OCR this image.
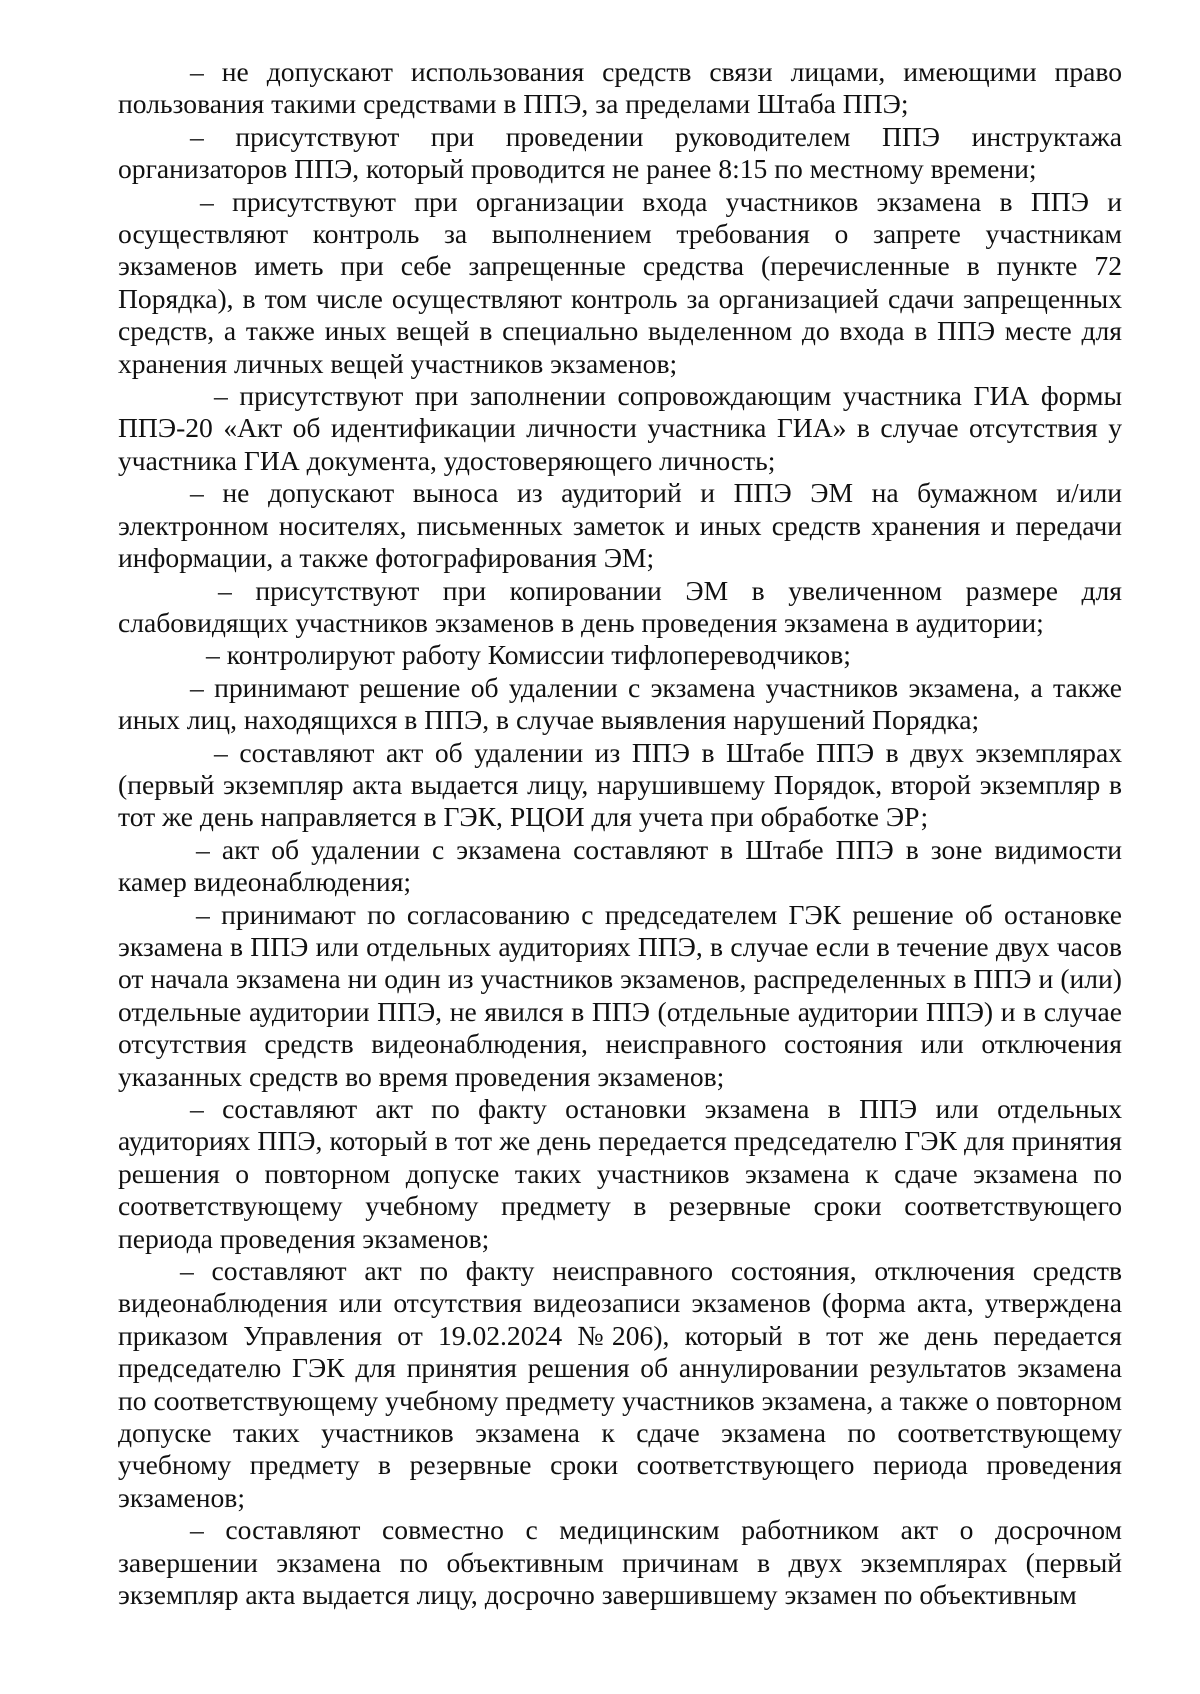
– не допускают использования средств связи лицами, имеющими право пользования такими средствами в ППЭ, за пределами Штаба ППЭ;

– присутствуют при проведении руководителем ППЭ инструктажа организаторов ППЭ, который проводится не ранее 8:15 по местному времени;

– присутствуют при организации входа участников экзамена в ППЭ и осуществляют контроль за выполнением требования о запрете участникам экзаменов иметь при себе запрещенные средства (перечисленные в пункте 72 Порядка), в том числе осуществляют контроль за организацией сдачи запрещенных средств, а также иных вещей в специально выделенном до входа в ППЭ месте для хранения личных вещей участников экзаменов;

– присутствуют при заполнении сопровождающим участника ГИА формы ППЭ-20 «Акт об идентификации личности участника ГИА» в случае отсутствия у участника ГИА документа, удостоверяющего личность;

– не допускают выноса из аудиторий и ППЭ ЭМ на бумажном и/или электронном носителях, письменных заметок и иных средств хранения и передачи информации, а также фотографирования ЭМ;

– присутствуют при копировании ЭМ в увеличенном размере для слабовидящих участников экзаменов в день проведения экзамена в аудитории;

– контролируют работу Комиссии тифлопереводчиков;

– принимают решение об удалении с экзамена участников экзамена, а также иных лиц, находящихся в ППЭ, в случае выявления нарушений Порядка;

– составляют акт об удалении из ППЭ в Штабе ППЭ в двух экземплярах (первый экземпляр акта выдается лицу, нарушившему Порядок, второй экземпляр в тот же день направляется в ГЭК, РЦОИ для учета при обработке ЭР;

– акт об удалении с экзамена составляют в Штабе ППЭ в зоне видимости камер видеонаблюдения;

– принимают по согласованию с председателем ГЭК решение об остановке экзамена в ППЭ или отдельных аудиториях ППЭ, в случае если в течение двух часов от начала экзамена ни один из участников экзаменов, распределенных в ППЭ и (или) отдельные аудитории ППЭ, не явился в ППЭ (отдельные аудитории ППЭ) и в случае отсутствия средств видеонаблюдения, неисправного состояния или отключения указанных средств во время проведения экзаменов;

– составляют акт по факту остановки экзамена в ППЭ или отдельных аудиториях ППЭ, который в тот же день передается председателю ГЭК для принятия решения о повторном допуске таких участников экзамена к сдаче экзамена по соответствующему учебному предмету в резервные сроки соответствующего периода проведения экзаменов;

– составляют акт по факту неисправного состояния, отключения средств видеонаблюдения или отсутствия видеозаписи экзаменов (форма акта, утверждена приказом Управления от 19.02.2024 №206), который в тот же день передается председателю ГЭК для принятия решения об аннулировании результатов экзамена по соответствующему учебному предмету участников экзамена, а также о повторном допуске таких участников экзамена к сдаче экзамена по соответствующему учебному предмету в резервные сроки соответствующего периода проведения экзаменов;

– составляют совместно с медицинским работником акт о досрочном завершении экзамена по объективным причинам в двух экземплярах (первый экземпляр акта выдается лицу, досрочно завершившему экзамен по объективным
